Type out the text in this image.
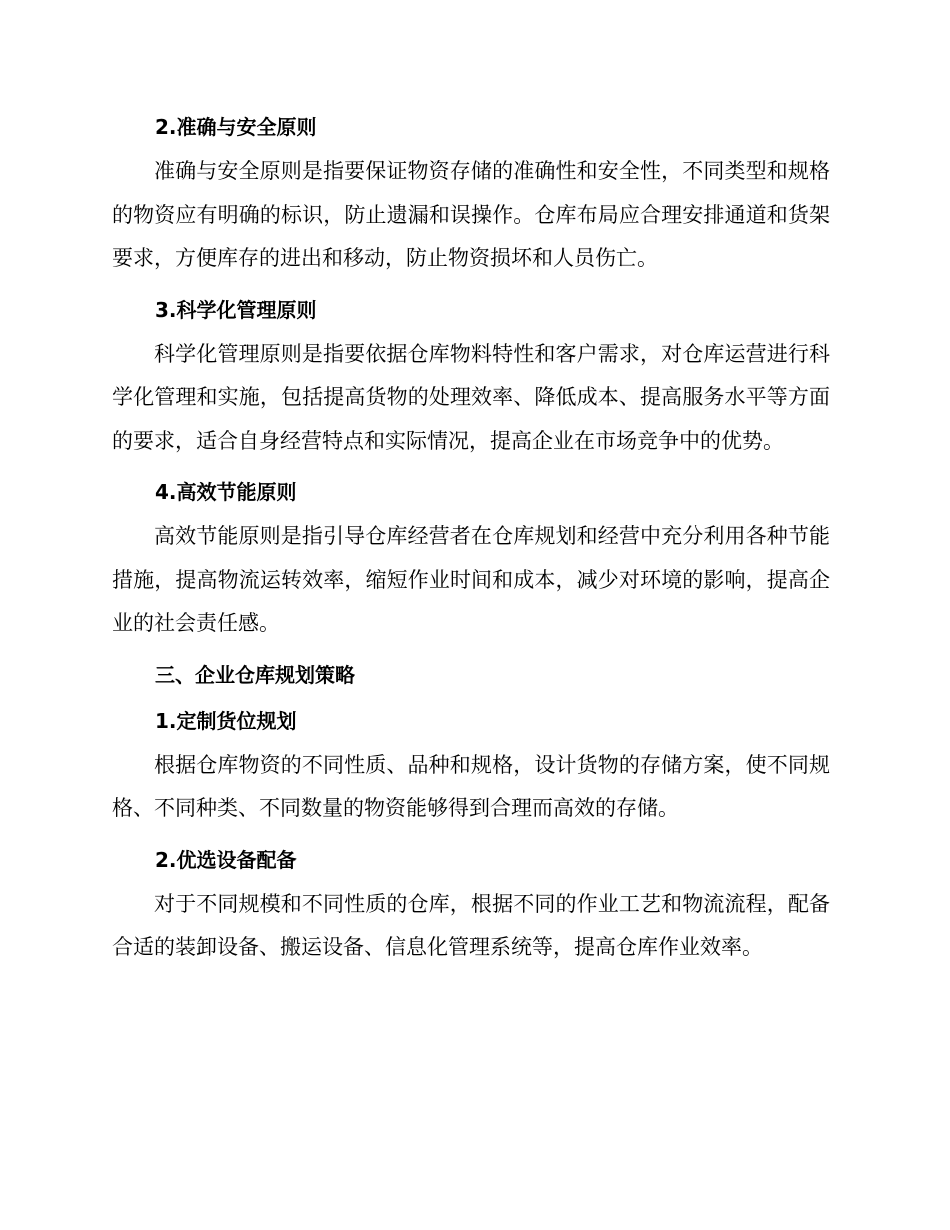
2.准确与安全原则

准确与安全原则是指要保证物资存储的准确性和安全性，不同类型和规格的物资应有明确的标识，防止遗漏和误操作。仓库布局应合理安排通道和货架要求，方便库存的进出和移动，防止物资损坏和人员伤亡。

3.科学化管理原则

科学化管理原则是指要依据仓库物料特性和客户需求，对仓库运营进行科学化管理和实施，包括提高货物的处理效率、降低成本、提高服务水平等方面的要求，适合自身经营特点和实际情况，提高企业在市场竞争中的优势。

4.高效节能原则

高效节能原则是指引导仓库经营者在仓库规划和经营中充分利用各种节能措施，提高物流运转效率，缩短作业时间和成本，减少对环境的影响，提高企业的社会责任感。

三、企业仓库规划策略
1.定制货位规划

根据仓库物资的不同性质、品种和规格，设计货物的存储方案，使不同规格、不同种类、不同数量的物资能够得到合理而高效的存储。

2.优选设备配备

对于不同规模和不同性质的仓库，根据不同的作业工艺和物流流程，配备合适的装卸设备、搬运设备、信息化管理系统等，提高仓库作业效率。
